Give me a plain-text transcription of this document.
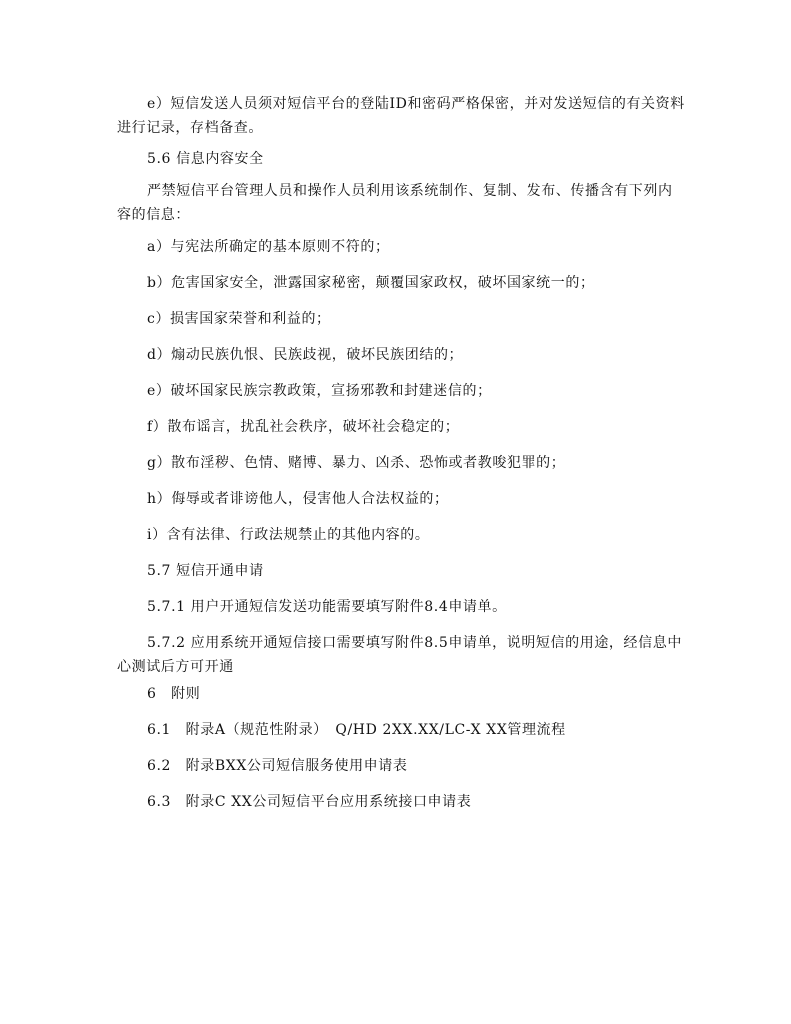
e）短信发送人员须对短信平台的登陆ID和密码严格保密，并对发送短信的有关资料进行记录，存档备查。
5.6 信息内容安全
严禁短信平台管理人员和操作人员利用该系统制作、复制、发布、传播含有下列内容的信息：
a）与宪法所确定的基本原则不符的；
b）危害国家安全，泄露国家秘密，颠覆国家政权，破坏国家统一的；
c）损害国家荣誉和利益的；
d）煽动民族仇恨、民族歧视，破坏民族团结的；
e）破坏国家民族宗教政策，宣扬邪教和封建迷信的；
f）散布谣言，扰乱社会秩序，破坏社会稳定的；
g）散布淫秽、色情、赌博、暴力、凶杀、恐怖或者教唆犯罪的；
h）侮辱或者诽谤他人，侵害他人合法权益的；
i）含有法律、行政法规禁止的其他内容的。
5.7 短信开通申请
5.7.1 用户开通短信发送功能需要填写附件8.4申请单。
5.7.2 应用系统开通短信接口需要填写附件8.5申请单，说明短信的用途，经信息中心测试后方可开通
6　附则
6.1　附录A（规范性附录）　Q/HD 2XX.XX/LC-X XX管理流程
6.2　附录BXX公司短信服务使用申请表
6.3　附录C XX公司短信平台应用系统接口申请表
